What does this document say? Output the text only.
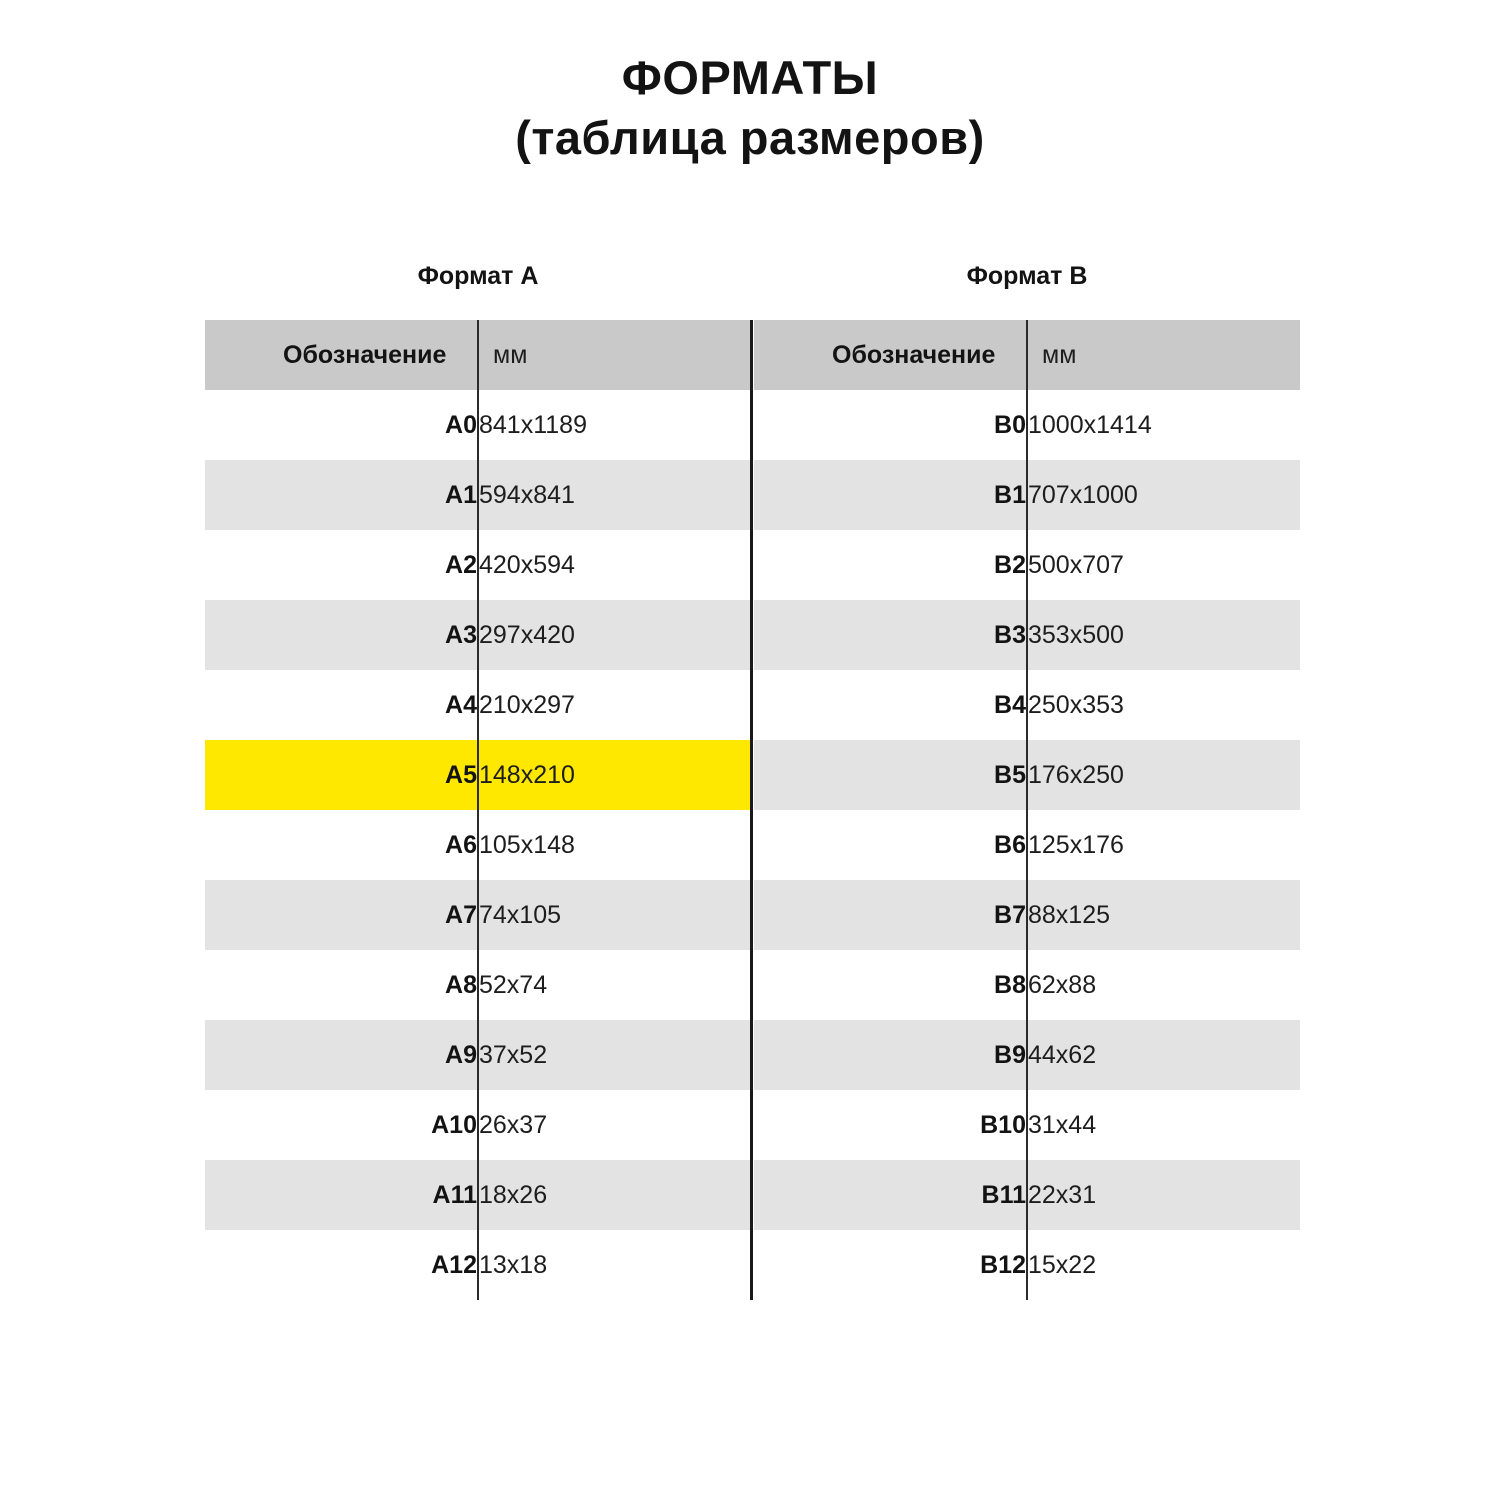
ФОРМАТЫ
(таблица размеров)
Формат A	Формат B
Обозначение	мм		Обозначение	мм
A0	841x1189		B0	1000x1414
A1	594x841		B1	707x1000
A2	420x594		B2	500x707
A3	297x420		B3	353x500
A4	210x297		B4	250x353
A5	148x210		B5	176x250
A6	105x148		B6	125x176
A7	74x105		B7	88x125
A8	52x74		B8	62x88
A9	37x52		B9	44x62
A10	26x37		B10	31x44
A11	18x26		B11	22x31
A12	13x18		B12	15x22
